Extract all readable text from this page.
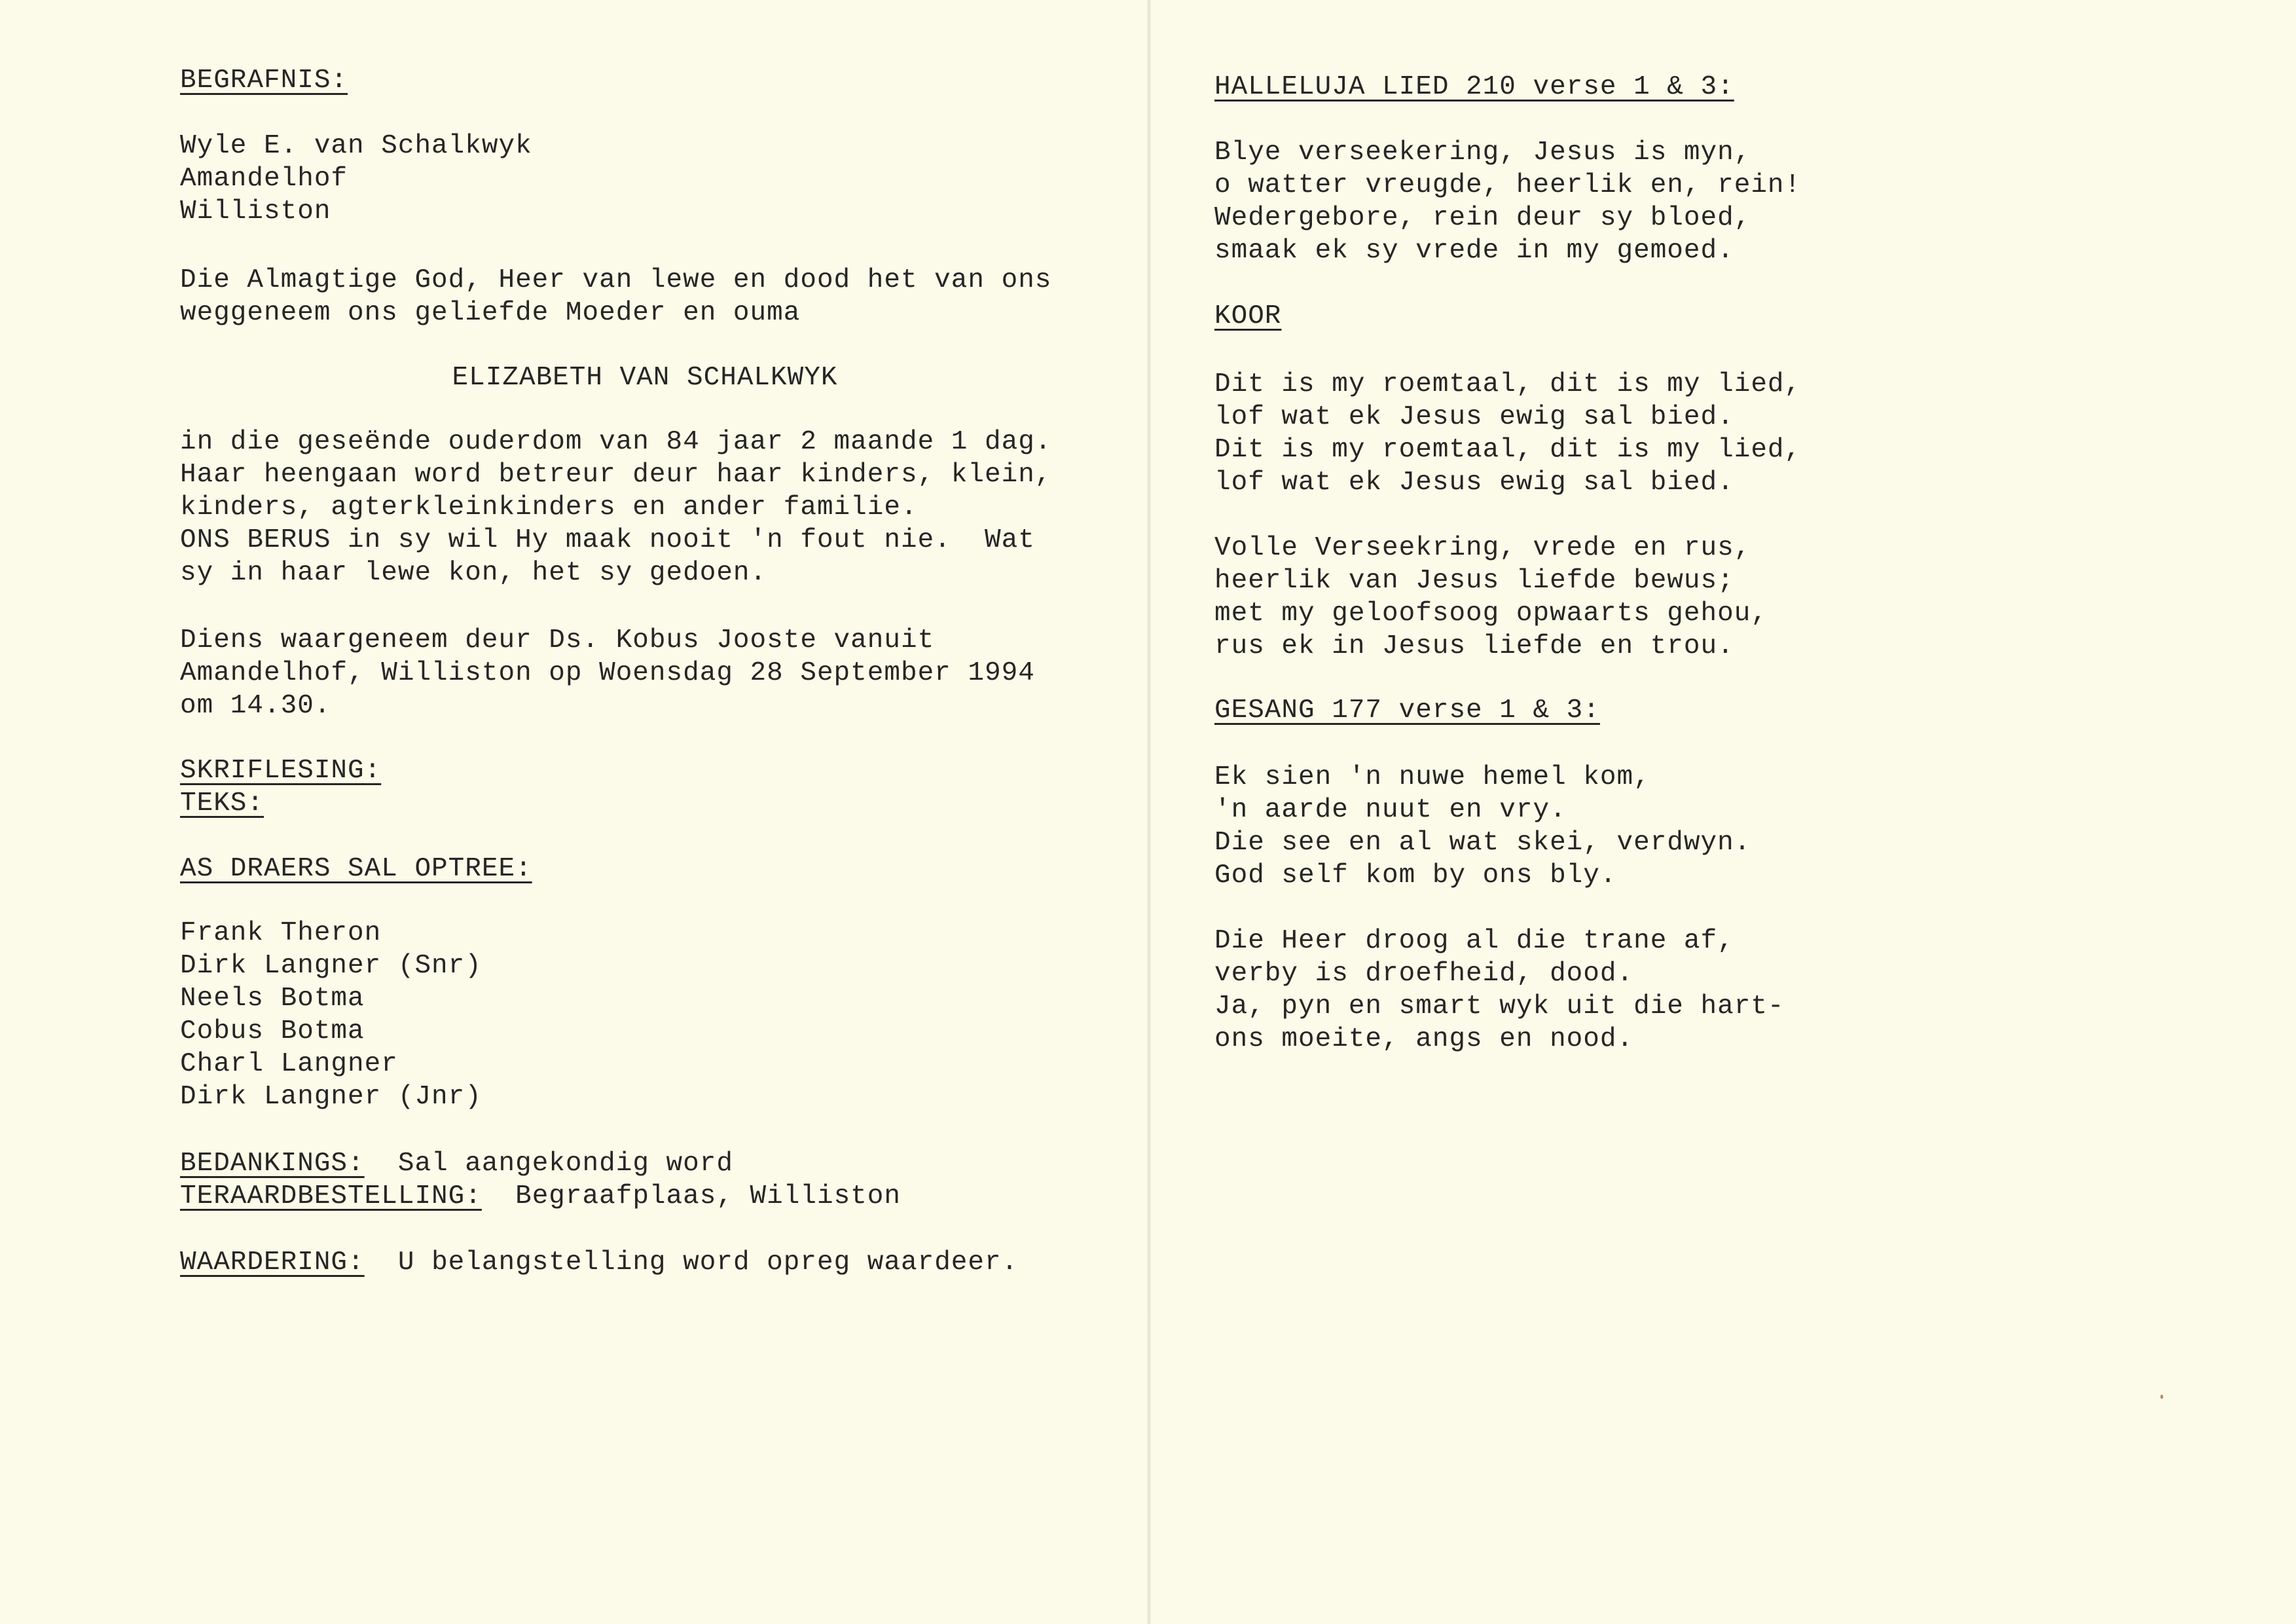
BEGRAFNIS:
Wyle E. van Schalkwyk
Amandelhof
Williston
Die Almagtige God, Heer van lewe en dood het van ons
weggeneem ons geliefde Moeder en ouma
ELIZABETH VAN SCHALKWYK
in die geseënde ouderdom van 84 jaar 2 maande 1 dag.
Haar heengaan word betreur deur haar kinders, klein,
kinders, agterkleinkinders en ander familie.
ONS BERUS in sy wil Hy maak nooit 'n fout nie.  Wat
sy in haar lewe kon, het sy gedoen.
Diens waargeneem deur Ds. Kobus Jooste vanuit
Amandelhof, Williston op Woensdag 28 September 1994
om 14.30.
SKRIFLESING:
TEKS:
AS DRAERS SAL OPTREE:
Frank Theron
Dirk Langner (Snr)
Neels Botma
Cobus Botma
Charl Langner
Dirk Langner (Jnr)
BEDANKINGS: Sal aangekondig word
TERAARDBESTELLING: Begraafplaas, Williston
WAARDERING: U belangstelling word opreg waardeer.
HALLELUJA LIED 210 verse 1 & 3:
Blye verseekering, Jesus is myn,
o watter vreugde, heerlik en, rein!
Wedergebore, rein deur sy bloed,
smaak ek sy vrede in my gemoed.
KOOR
Dit is my roemtaal, dit is my lied,
lof wat ek Jesus ewig sal bied.
Dit is my roemtaal, dit is my lied,
lof wat ek Jesus ewig sal bied.
Volle Verseekring, vrede en rus,
heerlik van Jesus liefde bewus;
met my geloofsoog opwaarts gehou,
rus ek in Jesus liefde en trou.
GESANG 177 verse 1 & 3:
Ek sien 'n nuwe hemel kom,
'n aarde nuut en vry.
Die see en al wat skei, verdwyn.
God self kom by ons bly.
Die Heer droog al die trane af,
verby is droefheid, dood.
Ja, pyn en smart wyk uit die hart-
ons moeite, angs en nood.
